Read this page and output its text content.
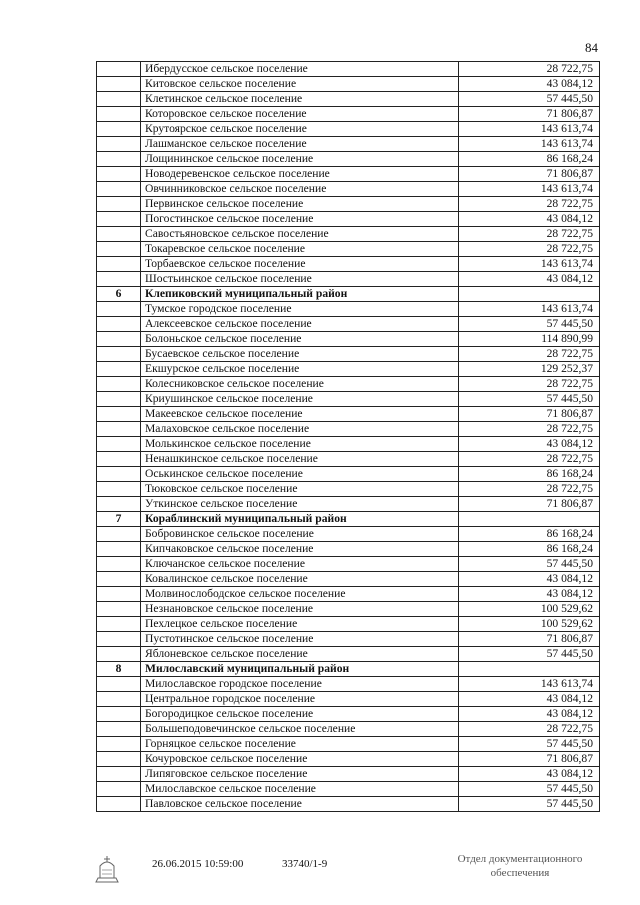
84
	Ибердусское сельское поселение	28 722,75
	Китовское сельское поселение	43 084,12
	Клетинское сельское поселение	57 445,50
	Которовское сельское поселение	71 806,87
	Крутоярское сельское поселение	143 613,74
	Лашманское сельское поселение	143 613,74
	Лощининское сельское поселение	86 168,24
	Новодеревенское сельское поселение	71 806,87
	Овчинниковское сельское поселение	143 613,74
	Первинское сельское поселение	28 722,75
	Погостинское сельское поселение	43 084,12
	Савостьяновское сельское поселение	28 722,75
	Токаревское сельское поселение	28 722,75
	Торбаевское сельское поселение	143 613,74
	Шостьинское сельское поселение	43 084,12
6	Клепиковский муниципальный район	
	Тумское городское поселение	143 613,74
	Алексеевское сельское поселение	57 445,50
	Болоньское сельское поселение	114 890,99
	Бусаевское сельское поселение	28 722,75
	Екшурское сельское поселение	129 252,37
	Колесниковское сельское поселение	28 722,75
	Криушинское сельское поселение	57 445,50
	Макеевское сельское поселение	71 806,87
	Малаховское сельское поселение	28 722,75
	Молькинское сельское поселение	43 084,12
	Ненашкинское сельское поселение	28 722,75
	Оськинское сельское поселение	86 168,24
	Тюковское сельское поселение	28 722,75
	Уткинское сельское поселение	71 806,87
7	Кораблинский муниципальный район	
	Бобровинское сельское поселение	86 168,24
	Кипчаковское сельское поселение	86 168,24
	Ключанское сельское поселение	57 445,50
	Ковалинское сельское поселение	43 084,12
	Молвинослободское сельское поселение	43 084,12
	Незнановское сельское поселение	100 529,62
	Пехлецкое сельское поселение	100 529,62
	Пустотинское сельское поселение	71 806,87
	Яблоневское сельское поселение	57 445,50
8	Милославский муниципальный район	
	Милославское городское поселение	143 613,74
	Центральное городское поселение	43 084,12
	Богородицкое сельское поселение	43 084,12
	Большеподовечинское сельское поселение	28 722,75
	Горняцкое сельское поселение	57 445,50
	Кочуровское сельское поселение	71 806,87
	Липяговское сельское поселение	43 084,12
	Милославское сельское поселение	57 445,50
	Павловское сельское поселение	57 445,50
26.06.2015 10:59:00	33740/1-9	Отдел документационного
обеспечения
